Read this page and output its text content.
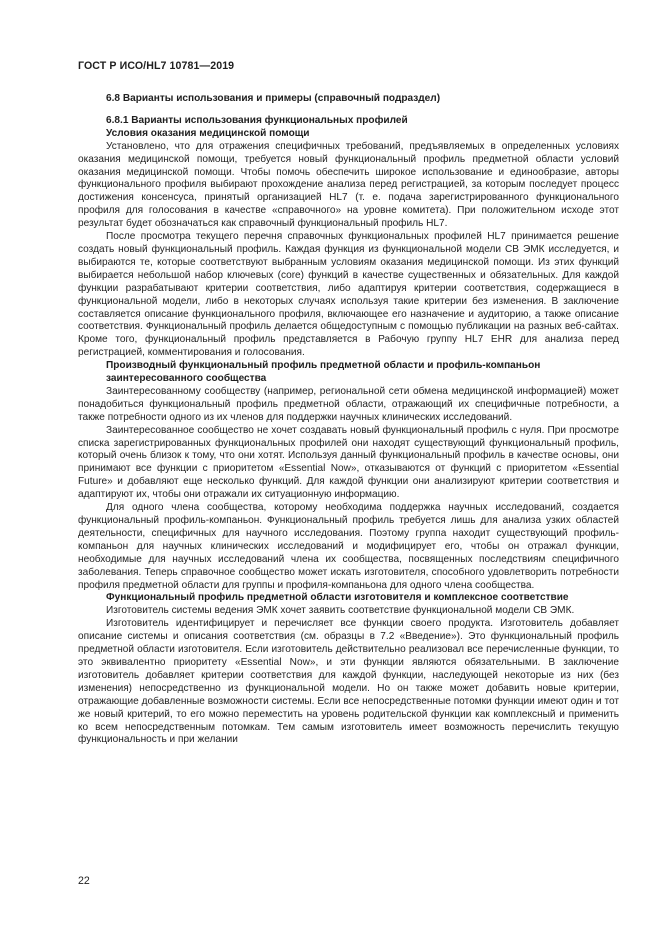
ГОСТ Р ИСО/HL7 10781—2019

6.8 Варианты использования и примеры (справочный подраздел)

6.8.1 Варианты использования функциональных профилей

Условия оказания медицинской помощи

Установлено, что для отражения специфичных требований, предъявляемых в определенных условиях оказания медицинской помощи, требуется новый функциональный профиль предметной области условий оказания медицинской помощи. Чтобы помочь обеспечить широкое использование и единообразие, авторы функционального профиля выбирают прохождение анализа перед регистрацией, за которым последует процесс достижения консенсуса, принятый организацией HL7 (т. е. подача зарегистрированного функционального профиля для голосования в качестве «справочного» на уровне комитета). При положительном исходе этот результат будет обозначаться как справочный функциональный профиль HL7.

После просмотра текущего перечня справочных функциональных профилей HL7 принимается решение создать новый функциональный профиль. Каждая функция из функциональной модели СВ ЭМК исследуется, и выбираются те, которые соответствуют выбранным условиям оказания медицинской помощи. Из этих функций выбирается небольшой набор ключевых (core) функций в качестве существенных и обязательных. Для каждой функции разрабатывают критерии соответствия, либо адаптируя критерии соответствия, содержащиеся в функциональной модели, либо в некоторых случаях используя такие критерии без изменения. В заключение составляется описание функционального профиля, включающее его назначение и аудиторию, а также описание соответствия. Функциональный профиль делается общедоступным с помощью публикации на разных веб-сайтах. Кроме того, функциональный профиль представляется в Рабочую группу HL7 EHR для анализа перед регистрацией, комментирования и голосования.

Производный функциональный профиль предметной области и профиль-компаньон заинтересованного сообщества

Заинтересованному сообществу (например, региональной сети обмена медицинской информацией) может понадобиться функциональный профиль предметной области, отражающий их специфичные потребности, а также потребности одного из их членов для поддержки научных клинических исследований.

Заинтересованное сообщество не хочет создавать новый функциональный профиль с нуля. При просмотре списка зарегистрированных функциональных профилей они находят существующий функциональный профиль, который очень близок к тому, что они хотят. Используя данный функциональный профиль в качестве основы, они принимают все функции с приоритетом «Essential Now», отказываются от функций с приоритетом «Essential Future» и добавляют еще несколько функций. Для каждой функции они анализируют критерии соответствия и адаптируют их, чтобы они отражали их ситуационную информацию.

Для одного члена сообщества, которому необходима поддержка научных исследований, создается функциональный профиль-компаньон. Функциональный профиль требуется лишь для анализа узких областей деятельности, специфичных для научного исследования. Поэтому группа находит существующий профиль-компаньон для научных клинических исследований и модифицирует его, чтобы он отражал функции, необходимые для научных исследований члена их сообщества, посвященных последствиям специфичного заболевания. Теперь справочное сообщество может искать изготовителя, способного удовлетворить потребности профиля предметной области для группы и профиля-компаньона для одного члена сообщества.

Функциональный профиль предметной области изготовителя и комплексное соответствие

Изготовитель системы ведения ЭМК хочет заявить соответствие функциональной модели СВ ЭМК.

Изготовитель идентифицирует и перечисляет все функции своего продукта. Изготовитель добавляет описание системы и описания соответствия (см. образцы в 7.2 «Введение»). Это функциональный профиль предметной области изготовителя. Если изготовитель действительно реализовал все перечисленные функции, то это эквивалентно приоритету «Essential Now», и эти функции являются обязательными. В заключение изготовитель добавляет критерии соответствия для каждой функции, наследующей некоторые из них (без изменения) непосредственно из функциональной модели. Но он также может добавить новые критерии, отражающие добавленные возможности системы. Если все непосредственные потомки функции имеют один и тот же новый критерий, то его можно переместить на уровень родительской функции как комплексный и применить ко всем непосредственным потомкам. Тем самым изготовитель имеет возможность перечислить текущую функциональность и при желании

22
